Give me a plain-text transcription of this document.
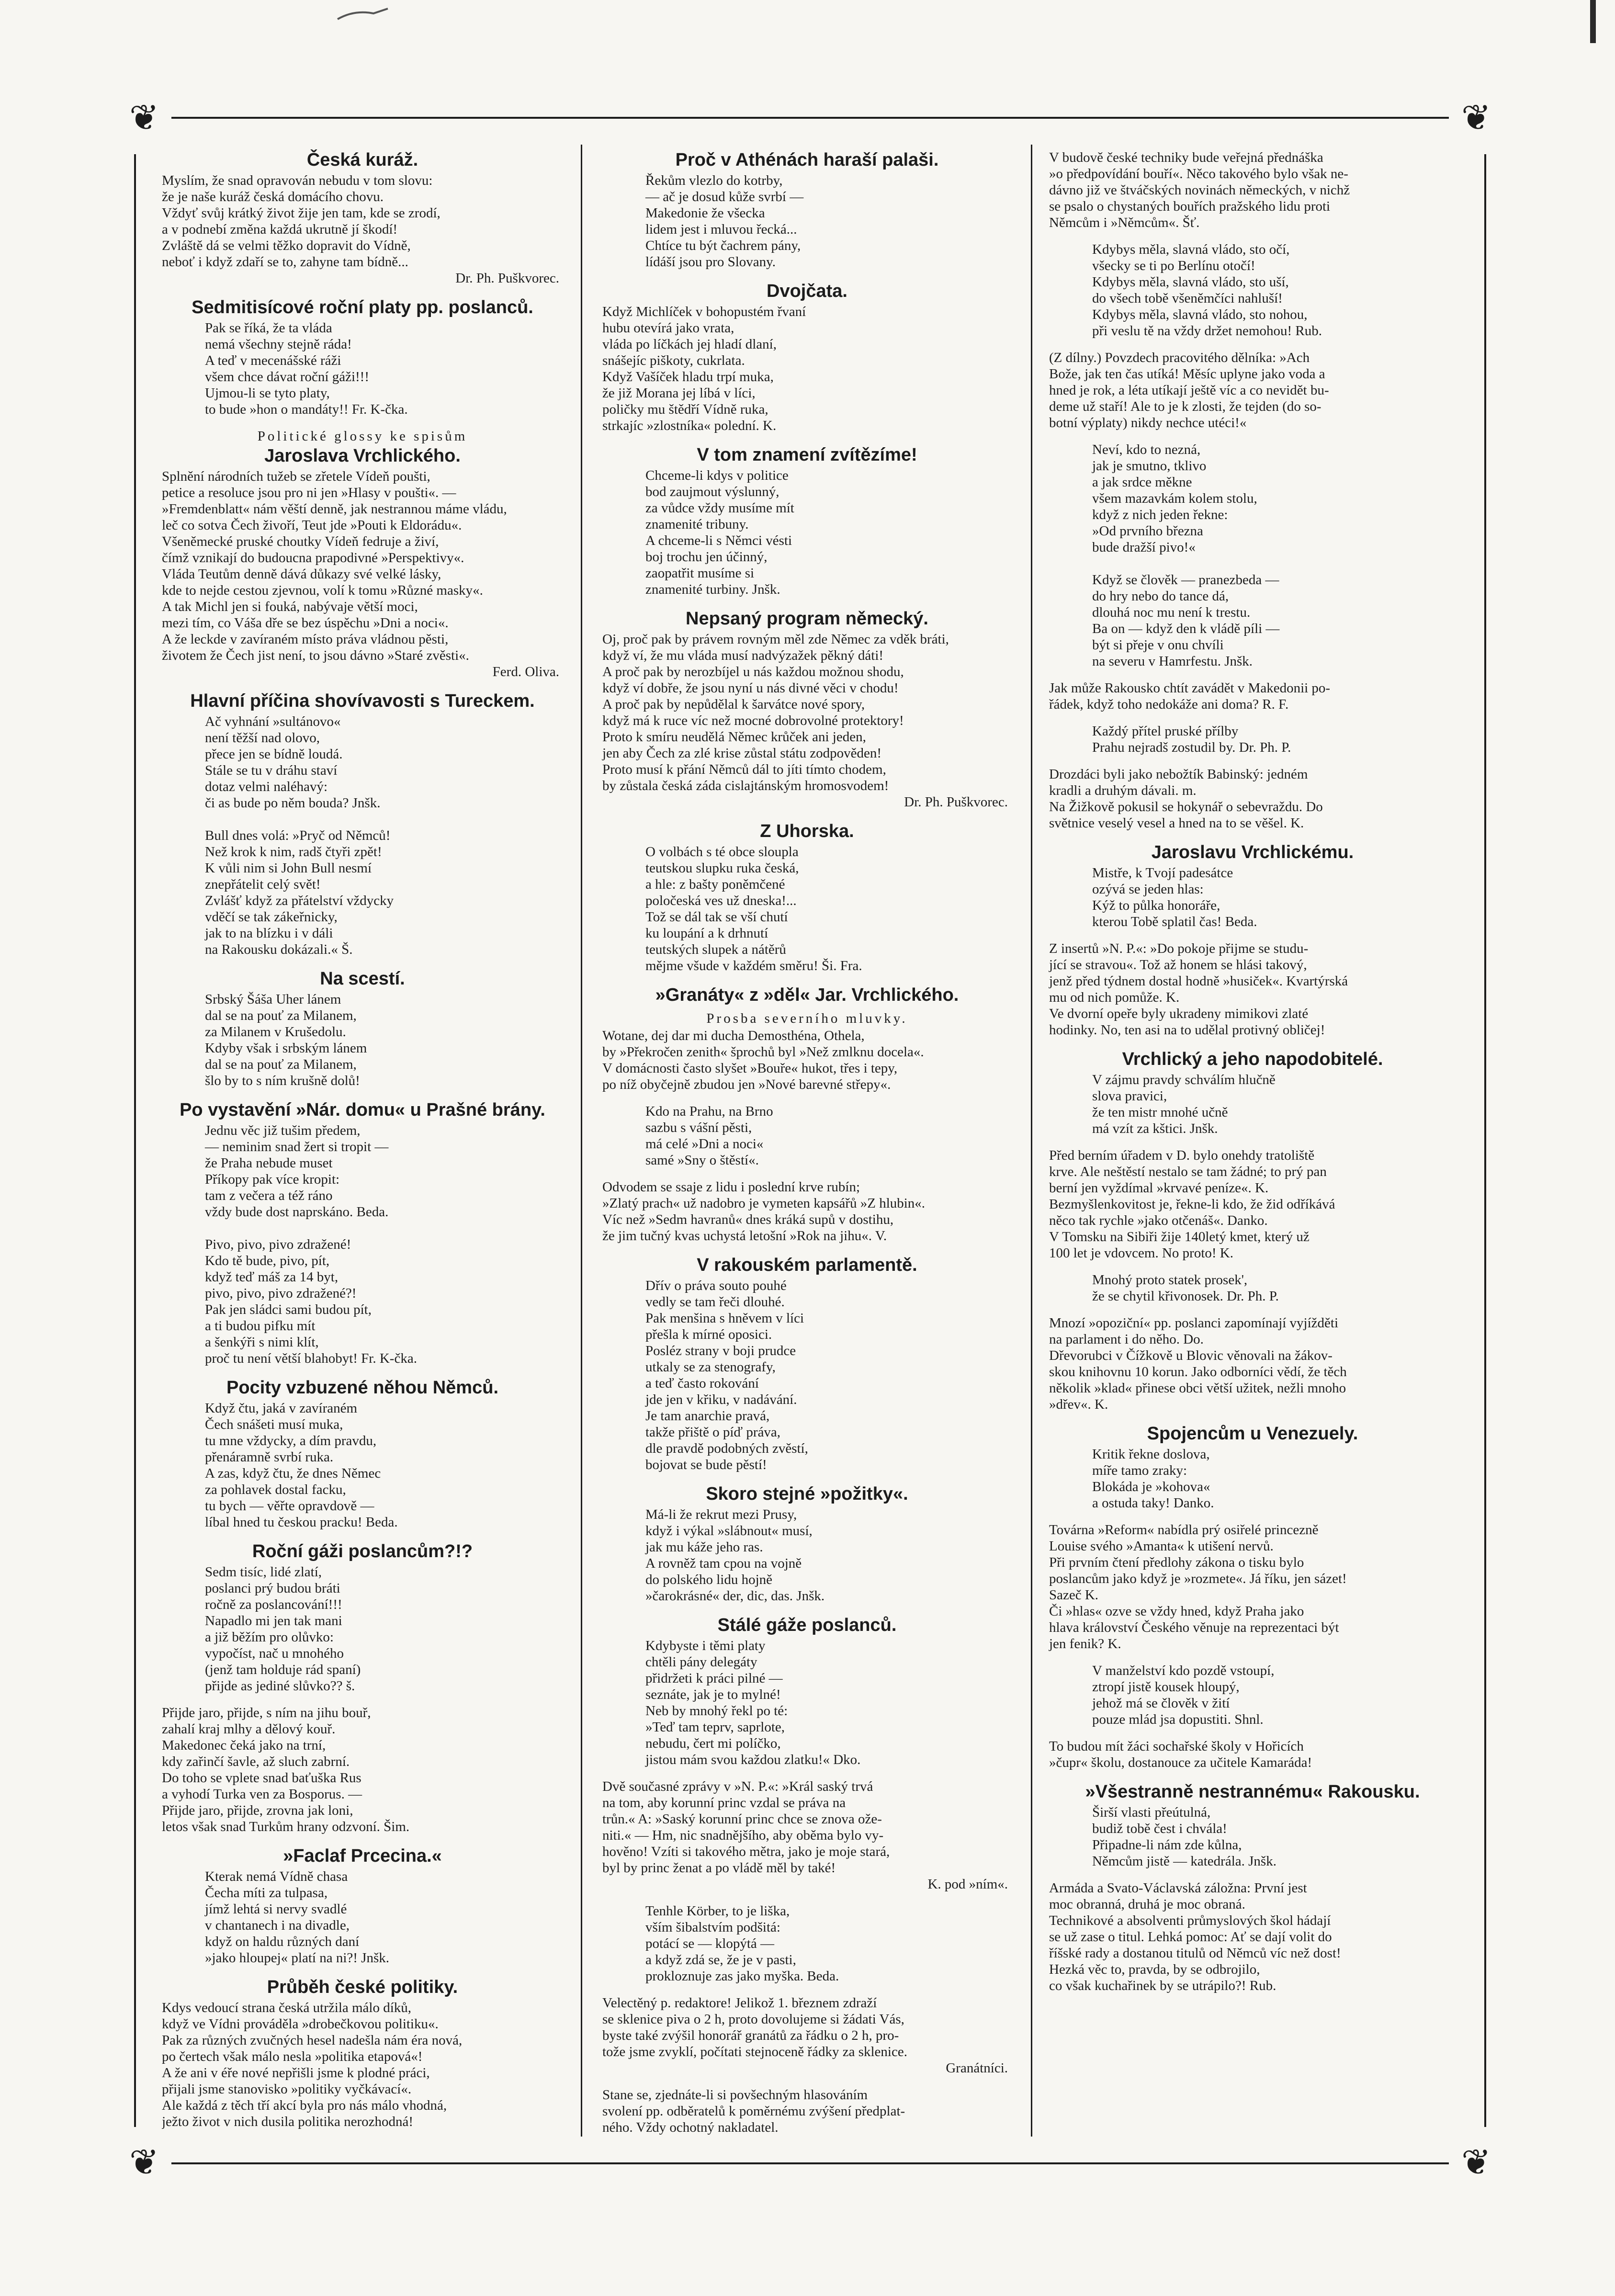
❦	❦
❦	❦
Česká kuráž.
Myslím, že snad opravován nebudu v tom slovu:
že je naše kuráž česká domácího chovu.
Vždyť svůj krátký život žije jen tam, kde se zrodí,
a v podnebí změna každá ukrutně jí škodí!
Zvláště dá se velmi těžko dopravit do Vídně,
neboť i když zdaří se to, zahyne tam bídně...
Dr. Ph. Puškvorec.
Sedmitisícové roční platy pp. poslanců.
Pak se říká, že ta vláda
nemá všechny stejně ráda!
A teď v mecenášské ráži
všem chce dávat roční gáži!!!
Ujmou-li se tyto platy,
to bude »hon o mandáty!! Fr. K-čka.
Politické glossy ke spisům
Jaroslava Vrchlického.
Splnění národních tužeb se zřetele Vídeň poušti,
petice a resoluce jsou pro ni jen »Hlasy v poušti«. —
»Fremdenblatt« nám věští denně, jak nestrannou máme vládu,
leč co sotva Čech živoří, Teut jde »Pouti k Eldorádu«.
Všeněmecké pruské choutky Vídeň fedruje a živí,
čímž vznikají do budoucna prapodivné »Perspektivy«.
Vláda Teutům denně dává důkazy své velké lásky,
kde to nejde cestou zjevnou, volí k tomu »Různé masky«.
A tak Michl jen si fouká, nabývaje větší moci,
mezi tím, co Váša dře se bez úspěchu »Dni a noci«.
A že leckde v zavíraném místo práva vládnou pěsti,
životem že Čech jist není, to jsou dávno »Staré zvěsti«.
Ferd. Oliva.
Hlavní příčina shovívavosti s Tureckem.
Ač vyhnání »sultánovo«
není těžší nad olovo,
přece jen se bídně loudá.
Stále se tu v dráhu staví
dotaz velmi naléhavý:
či as bude po něm bouda? Jnšk.

Bull dnes volá: »Pryč od Němců!
Než krok k nim, radš čtyři zpět!
K vůli nim si John Bull nesmí
znepřátelit celý svět!
Zvlášť když za přátelství vždycky
vděčí se tak zákeřnicky,
jak to na blízku i v dáli
na Rakousku dokázali.« Š.
Na scestí.
Srbský Šáša Uher lánem
dal se na pouť za Milanem,
za Milanem v Krušedolu.
Kdyby však i srbským lánem
dal se na pouť za Milanem,
šlo by to s ním krušně dolů!
Po vystavění »Nár. domu« u Prašné brány.
Jednu věc již tušim předem,
— neminim snad žert si tropit —
že Praha nebude muset
Příkopy pak více kropit:
tam z večera a též ráno
vždy bude dost naprskáno. Beda.

Pivo, pivo, pivo zdražené!
Kdo tě bude, pivo, pít,
když teď máš za 14 byt,
pivo, pivo, pivo zdražené?!
Pak jen sládci sami budou pít,
a ti budou pifku mít
a šenkýři s nimi klít,
proč tu není větší blahobyt! Fr. K-čka.
Pocity vzbuzené něhou Němců.
Když čtu, jaká v zavíraném
Čech snášeti musí muka,
tu mne vždycky, a dím pravdu,
přenáramně svrbí ruka.
A zas, když čtu, že dnes Němec
za pohlavek dostal facku,
tu bych — věřte opravdově —
líbal hned tu českou pracku! Beda.
Roční gáži poslancům?!?
Sedm tisíc, lidé zlatí,
poslanci prý budou bráti
ročně za poslancování!!!
Napadlo mi jen tak mani
a již běžím pro olůvko:
vypočíst, nač u mnohého
(jenž tam holduje rád spaní)
přijde as jediné slůvko?? š.
Přijde jaro, přijde, s ním na jihu bouř,
zahalí kraj mlhy a dělový kouř.
Makedonec čeká jako na trní,
kdy zařinčí šavle, až sluch zabrní.
Do toho se vplete snad baťuška Rus
a vyhodí Turka ven za Bosporus. —
Přijde jaro, přijde, zrovna jak loni,
letos však snad Turkům hrany odzvoní. Šim.
»Faclaf Prcecina.«
Kterak nemá Vídně chasa
Čecha míti za tulpasa,
jímž lehtá si nervy svadlé
v chantanech i na divadle,
když on haldu různých daní
»jako hloupej« platí na ni?! Jnšk.
Průběh české politiky.
Kdys vedoucí strana česká utržila málo díků,
když ve Vídni prováděla »drobečkovou politiku«.
Pak za různých zvučných hesel nadešla nám éra nová,
po čertech však málo nesla »politika etapová«!
A že ani v éře nové nepřišli jsme k plodné práci,
přijali jsme stanovisko »politiky vyčkávací«.
Ale každá z těch tří akcí byla pro nás málo vhodná,
ježto život v nich dusila politika nerozhodná!
Proč v Athénách haraší palaši.
Řekům vlezlo do kotrby,
— ač je dosud kůže svrbí —
Makedonie že všecka
lidem jest i mluvou řecká...
Chtíce tu být čachrem pány,
lídáší jsou pro Slovany.
Dvojčata.
Když Michlíček v bohopustém řvaní
hubu otevírá jako vrata,
vláda po líčkách jej hladí dlaní,
snášejíc piškoty, cukrlata.
Když Vašíček hladu trpí muka,
že již Morana jej líbá v líci,
poličky mu štědří Vídně ruka,
strkajíc »zlostníka« polední. K.
V tom znamení zvítězíme!
Chceme-li kdys v politice
bod zaujmout výslunný,
za vůdce vždy musíme mít
znamenité tribuny.
A chceme-li s Němci vésti
boj trochu jen účinný,
zaopatřit musíme si
znamenité turbiny. Jnšk.
Nepsaný program německý.
Oj, proč pak by právem rovným měl zde Němec za vděk bráti,
když ví, že mu vláda musí nadvýzažek pěkný dáti!
A proč pak by nerozbíjel u nás každou možnou shodu,
když ví dobře, že jsou nyní u nás divné věci v chodu!
A proč pak by nepůdělal k šarvátce nové spory,
když má k ruce víc než mocné dobrovolné protektory!
Proto k smíru neudělá Němec krůček ani jeden,
jen aby Čech za zlé krise zůstal státu zodpověden!
Proto musí k přání Němců dál to jíti tímto chodem,
by zůstala česká záda cislajtánským hromosvodem!
Dr. Ph. Puškvorec.
Z Uhorska.
O volbách s té obce sloupla
teutskou slupku ruka česká,
a hle: z bašty poněmčené
poločeská ves už dneska!...
Tož se dál tak se vší chutí
ku loupání a k drhnutí
teutských slupek a nátěrů
mějme všude v každém směru! Ši. Fra.
»Granáty« z »děl« Jar. Vrchlického.
Prosba severního mluvky.
Wotane, dej dar mi ducha Demosthéna, Othela,
by »Překročen zenith« šprochů byl »Než zmlknu docela«.
V domácnosti často slyšet »Bouře« hukot, třes i tepy,
po níž obyčejně zbudou jen »Nové barevné střepy«.
Kdo na Prahu, na Brno
sazbu s vášní pěsti,
má celé »Dni a noci«
samé »Sny o štěstí«.
Odvodem se ssaje z lidu i poslední krve rubín;
»Zlatý prach« už nadobro je vymeten kapsářů »Z hlubin«.
Víc než »Sedm havranů« dnes kráká supů v dostihu,
že jim tučný kvas uchystá letošní »Rok na jihu«. V.
V rakouském parlamentě.
Dřív o práva souto pouhé
vedly se tam řeči dlouhé.
Pak menšina s hněvem v líci
přešla k mírné oposici.
Posléz strany v boji prudce
utkaly se za stenografy,
a teď často rokování
jde jen v křiku, v nadávání.
Je tam anarchie pravá,
takže přiště o píď práva,
dle pravdě podobných zvěstí,
bojovat se bude pěstí!
Skoro stejné »požitky«.
Má-li že rekrut mezi Prusy,
když i výkal »slábnout« musí,
jak mu káže jeho ras.
A rovněž tam cpou na vojně
do polského lidu hojně
»čarokrásné« der, dic, das. Jnšk.
Stálé gáže poslanců.
Kdybyste i těmi platy
chtěli pány delegáty
přidržeti k práci pilné —
seznáte, jak je to mylné!
Neb by mnohý řekl po té:
»Teď tam teprv, saprlote,
nebudu, čert mi políčko,
jistou mám svou každou zlatku!« Dko.
Dvě současné zprávy v »N. P.«: »Král saský trvá
na tom, aby korunní princ vzdal se práva na
trůn.« A: »Saský korunní princ chce se znova ože-
niti.« — Hm, nic snadnějšího, aby oběma bylo vy-
hověno! Vzíti si takového mětra, jako je moje stará,
byl by princ ženat a po vládě měl by také!
K. pod »ním«.
Tenhle Körber, to je liška,
vším šibalstvím podšitá:
potácí se — klopýtá —
a když zdá se, že je v pasti,
prokloznuje zas jako myška. Beda.
Velectěný p. redaktore! Jelikož 1. březnem zdraží
se sklenice piva o 2 h, proto dovolujeme si žádati Vás,
byste také zvýšil honorář granátů za řádku o 2 h, pro-
tože jsme zvyklí, počítati stejnoceně řádky za sklenice.
Granátníci.
Stane se, zjednáte-li si povšechným hlasováním
svolení pp. odběratelů k poměrnému zvýšení předplat-
ného. Vždy ochotný nakladatel.
V budově české techniky bude veřejná přednáška
»o předpovídání bouří«. Něco takového bylo však ne-
dávno již ve štváčských novinách německých, v nichž
se psalo o chystaných bouřích pražského lidu proti
Němcům i »Němcům«. Šť.
Kdybys měla, slavná vládo, sto očí,
všecky se ti po Berlínu otočí!
Kdybys měla, slavná vládo, sto uší,
do všech tobě všeněmčíci nahluší!
Kdybys měla, slavná vládo, sto nohou,
při veslu tě na vždy držet nemohou! Rub.
(Z dílny.) Povzdech pracovitého dělníka: »Ach
Bože, jak ten čas utíká! Měsíc uplyne jako voda a
hned je rok, a léta utíkají ještě víc a co nevidět bu-
deme už staří! Ale to je k zlosti, že tejden (do so-
botní výplaty) nikdy nechce utéci!«
Neví, kdo to nezná,
jak je smutno, tklivo
a jak srdce měkne
všem mazavkám kolem stolu,
když z nich jeden řekne:
»Od prvního března
bude dražší pivo!«

Když se člověk — pranezbeda —
do hry nebo do tance dá,
dlouhá noc mu není k trestu.
Ba on — když den k vládě píli —
být si přeje v onu chvíli
na severu v Hamrfestu. Jnšk.
Jak může Rakousko chtít zavádět v Makedonii po-
řádek, když toho nedokáže ani doma? R. F.
Každý přítel pruské přílby
Prahu nejradš zostudil by. Dr. Ph. P.
Drozdáci byli jako nebožtík Babinský: jedném
kradli a druhým dávali. m.
Na Žižkově pokusil se hokynář o sebevraždu. Do
světnice veselý vesel a hned na to se věšel. K.
Jaroslavu Vrchlickému.
Mistře, k Tvojí padesátce
ozývá se jeden hlas:
Kýž to půlka honoráře,
kterou Tobě splatil čas! Beda.
Z insertů »N. P.«: »Do pokoje přijme se studu-
jící se stravou«. Tož až honem se hlási takový,
jenž před týdnem dostal hodně »husiček«. Kvartýrská
mu od nich pomůže. K.
Ve dvorní opeře byly ukradeny mimikovi zlaté
hodinky. No, ten asi na to udělal protivný obličej!
Vrchlický a jeho napodobitelé.
V zájmu pravdy schválím hlučně
slova pravici,
že ten mistr mnohé učně
má vzít za kštici. Jnšk.
Před berním úřadem v D. bylo onehdy tratoliště
krve. Ale neštěstí nestalo se tam žádné; to prý pan
berní jen vyždímal »krvavé peníze«. K.
Bezmyšlenkovitost je, řekne-li kdo, že žid odříkává
něco tak rychle »jako otčenáš«. Danko.
V Tomsku na Sibiři žije 140letý kmet, který už
100 let je vdovcem. No proto! K.
Mnohý proto statek prosek',
že se chytil křivonosek. Dr. Ph. P.
Mnozí »opoziční« pp. poslanci zapomínají vyjížděti
na parlament i do něho. Do.
Dřevorubci v Čížkově u Blovic věnovali na žákov-
skou knihovnu 10 korun. Jako odborníci vědí, že těch
několik »klad« přinese obci větší užitek, nežli mnoho
»dřev«. K.
Spojencům u Venezuely.
Kritik řekne doslova,
míře tamo zraky:
Blokáda je »kohova«
a ostuda taky! Danko.
Továrna »Reform« nabídla prý osiřelé princezně
Louise svého »Amanta« k utišení nervů.
Při prvním čtení předlohy zákona o tisku bylo
poslancům jako když je »rozmete«. Já říku, jen sázet!
Sazeč K.
Či »hlas« ozve se vždy hned, když Praha jako
hlava království Českého věnuje na reprezentaci být
jen fenik? K.
V manželství kdo pozdě vstoupí,
ztropí jistě kousek hloupý,
jehož má se člověk v žití
pouze mlád jsa dopustiti. Shnl.
To budou mít žáci sochařské školy v Hořicích
»čupr« školu, dostanouce za učitele Kamaráda!
»Všestranně nestrannému« Rakousku.
Širší vlasti přeútulná,
budiž tobě čest i chvála!
Připadne-li nám zde kůlna,
Němcům jistě — katedrála. Jnšk.
Armáda a Svato-Václavská záložna: První jest
moc obranná, druhá je moc obraná.
Technikové a absolventi průmyslových škol hádají
se už zase o titul. Lehká pomoc: Ať se dají volit do
říšské rady a dostanou titulů od Němců víc než dost!
Hezká věc to, pravda, by se odbrojilo,
co však kuchařinek by se utrápilo?! Rub.
